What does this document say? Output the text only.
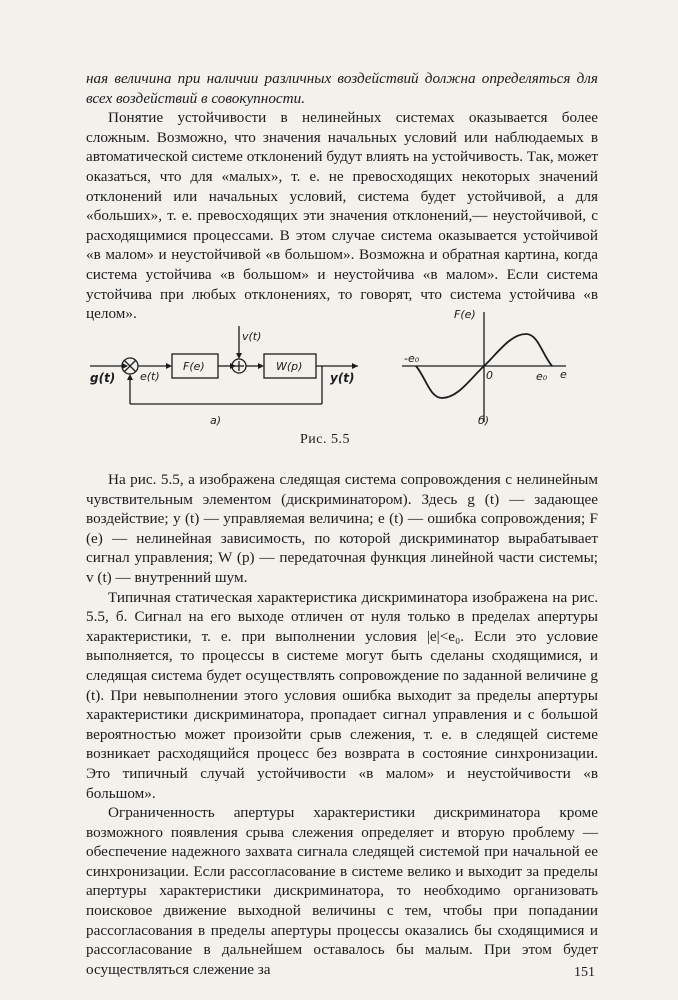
ная величина при наличии различных воздействий должна определяться для всех воздействий в совокупности.

Понятие устойчивости в нелинейных системах оказывается более сложным. Возможно, что значения начальных условий или наблюдаемых в автоматической системе отклонений будут влиять на устойчивость. Так, может оказаться, что для «малых», т. е. не превосходящих некоторых значений отклонений или начальных условий, система будет устойчивой, а для «больших», т. е. превосходящих эти значения отклонений,— неустойчивой, с расходящимися процессами. В этом случае система оказывается устойчивой «в малом» и неустойчивой «в большом». Возможна и обратная картина, когда система устойчива «в большом» и неустойчива «в малом». Если система устойчива при любых отклонениях, то говорят, что система устойчива «в целом».

g(t) e(t)
F(e)
v(t)
W(p)
y(t)
а)
F(e)
-e₀
0	e₀ e
б)
Рис. 5.5

На рис. 5.5, а изображена следящая система сопровождения с нелинейным чувствительным элементом (дискриминатором). Здесь g (t) — задающее воздействие; y (t) — управляемая величина; e (t) — ошибка сопровождения; F (e) — нелинейная зависимость, по которой дискриминатор вырабатывает сигнал управления; W (p) — передаточная функция линейной части системы; v (t) — внутренний шум.

Типичная статическая характеристика дискриминатора изображена на рис. 5.5, б. Сигнал на его выходе отличен от нуля только в пределах апертуры характеристики, т. е. при выполнении условия |e|<e₀. Если это условие выполняется, то процессы в системе могут быть сделаны сходящимися, и следящая система будет осуществлять сопровождение по заданной величине g (t). При невыполнении этого условия ошибка выходит за пределы апертуры характеристики дискриминатора, пропадает сигнал управления и с большой вероятностью может произойти срыв слежения, т. е. в следящей системе возникает расходящийся процесс без возврата в состояние синхронизации. Это типичный случай устойчивости «в малом» и неустойчивости «в большом».

Ограниченность апертуры характеристики дискриминатора кроме возможного появления срыва слежения определяет и вторую проблему — обеспечение надежного захвата сигнала следящей системой при начальной ее синхронизации. Если рассогласование в системе велико и выходит за пределы апертуры характеристики дискриминатора, то необходимо организовать поисковое движение выходной величины с тем, чтобы при попадании рассогласования в пределы апертуры процессы оказались бы сходящимися и рассогласование в дальнейшем оставалось бы малым. При этом будет осуществляться слежение за	151
